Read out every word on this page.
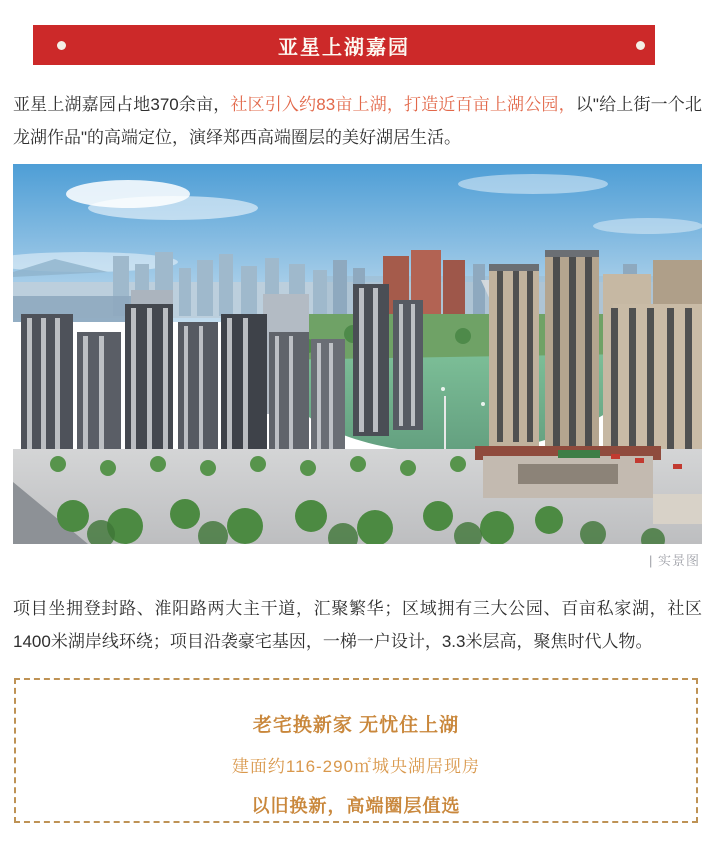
亚星上湖嘉园

亚星上湖嘉园占地370余亩，社区引入约83亩上湖，打造近百亩上湖公园，以"给上街一个北龙湖作品"的高端定位，演绎郑西高端圈层的美好湖居生活。

| 实景图

项目坐拥登封路、淮阳路两大主干道，汇聚繁华；区域拥有三大公园、百亩私家湖，社区1400米湖岸线环绕；项目沿袭豪宅基因，一梯一户设计，3.3米层高，聚焦时代人物。

老宅换新家 无忧住上湖
建面约116-290㎡城央湖居现房
以旧换新，高端圈层值选
